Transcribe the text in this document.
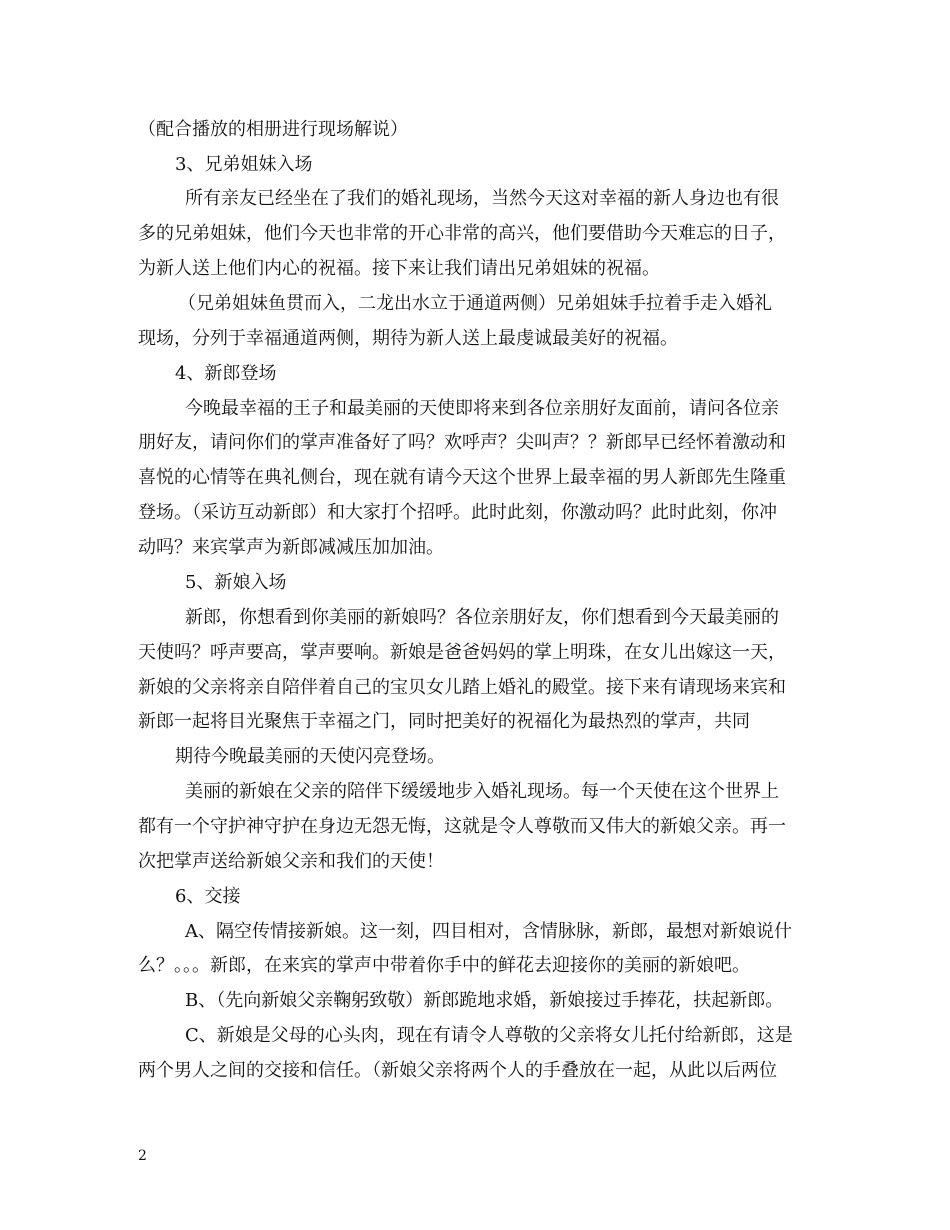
（配合播放的相册进行现场解说）
3、兄弟姐妹入场
所有亲友已经坐在了我们的婚礼现场，当然今天这对幸福的新人身边也有很
多的兄弟姐妹，他们今天也非常的开心非常的高兴，他们要借助今天难忘的日子，
为新人送上他们内心的祝福。接下来让我们请出兄弟姐妹的祝福。
（兄弟姐妹鱼贯而入，二龙出水立于通道两侧）兄弟姐妹手拉着手走入婚礼
现场，分列于幸福通道两侧，期待为新人送上最虔诚最美好的祝福。
4、新郎登场
今晚最幸福的王子和最美丽的天使即将来到各位亲朋好友面前，请问各位亲
朋好友，请问你们的掌声准备好了吗？欢呼声？尖叫声？？新郎早已经怀着激动和
喜悦的心情等在典礼侧台，现在就有请今天这个世界上最幸福的男人新郎先生隆重
登场。（采访互动新郎）和大家打个招呼。此时此刻，你激动吗？此时此刻，你冲
动吗？来宾掌声为新郎减减压加加油。
5、新娘入场
新郎，你想看到你美丽的新娘吗？各位亲朋好友，你们想看到今天最美丽的
天使吗？呼声要高，掌声要响。新娘是爸爸妈妈的掌上明珠，在女儿出嫁这一天，
新娘的父亲将亲自陪伴着自己的宝贝女儿踏上婚礼的殿堂。接下来有请现场来宾和
新郎一起将目光聚焦于幸福之门，同时把美好的祝福化为最热烈的掌声，共同
期待今晚最美丽的天使闪亮登场。
美丽的新娘在父亲的陪伴下缓缓地步入婚礼现场。每一个天使在这个世界上
都有一个守护神守护在身边无怨无悔，这就是令人尊敬而又伟大的新娘父亲。再一
次把掌声送给新娘父亲和我们的天使！
6、交接
A、隔空传情接新娘。这一刻，四目相对，含情脉脉，新郎，最想对新娘说什
么？。。。新郎，在来宾的掌声中带着你手中的鲜花去迎接你的美丽的新娘吧。
B、（先向新娘父亲鞠躬致敬）新郎跪地求婚，新娘接过手捧花，扶起新郎。
C、新娘是父母的心头肉，现在有请令人尊敬的父亲将女儿托付给新郎，这是
两个男人之间的交接和信任。（新娘父亲将两个人的手叠放在一起，从此以后两位
2
